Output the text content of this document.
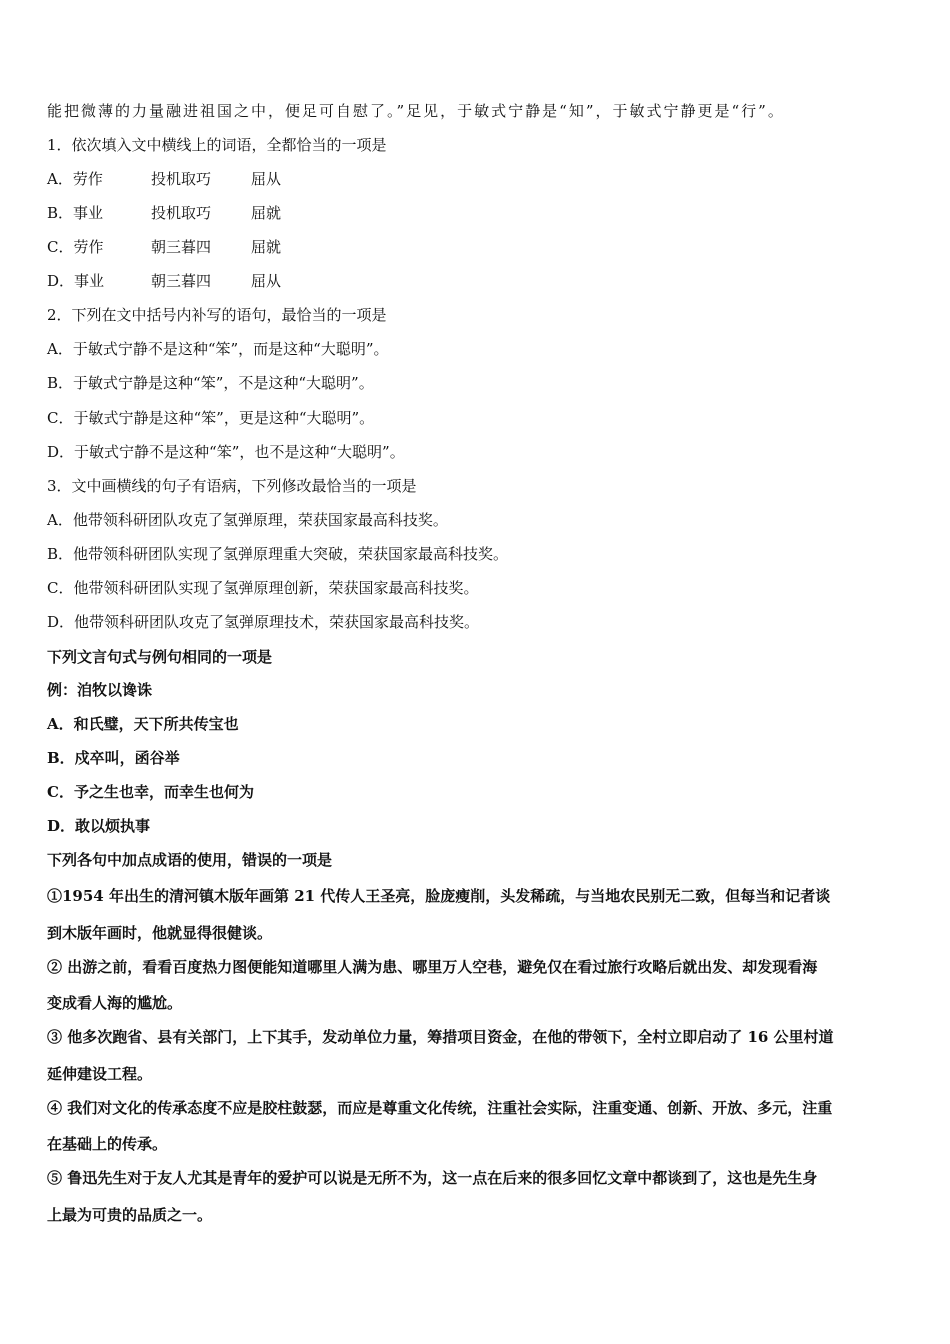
能把微薄的力量融进祖国之中，便足可自慰了。”足见，于敏式宁静是“知”，于敏式宁静更是“行”。
1．依次填入文中横线上的词语，全都恰当的一项是
A．劳作	投机取巧	屈从
B．事业	投机取巧	屈就
C．劳作	朝三暮四	屈就
D．事业	朝三暮四	屈从
2．下列在文中括号内补写的语句，最恰当的一项是
A．于敏式宁静不是这种“笨”，而是这种“大聪明”。
B．于敏式宁静是这种“笨”，不是这种“大聪明”。
C．于敏式宁静是这种“笨”，更是这种“大聪明”。
D．于敏式宁静不是这种“笨”，也不是这种“大聪明”。
3．文中画横线的句子有语病，下列修改最恰当的一项是
A．他带领科研团队攻克了氢弹原理，荣获国家最高科技奖。
B．他带领科研团队实现了氢弹原理重大突破，荣获国家最高科技奖。
C．他带领科研团队实现了氢弹原理创新，荣获国家最高科技奖。
D．他带领科研团队攻克了氢弹原理技术，荣获国家最高科技奖。
下列文言句式与例句相同的一项是
例：洎牧以谗诛
A．和氏璧，天下所共传宝也
B．戍卒叫，函谷举
C．予之生也幸，而幸生也何为
D．敢以烦执事
下列各句中加点成语的使用，错误的一项是
①1954 年出生的清河镇木版年画第 21 代传人王圣亮，脸庞瘦削，头发稀疏，与当地农民别无二致，但每当和记者谈
到木版年画时，他就显得很健谈。
② 出游之前，看看百度热力图便能知道哪里人满为患、哪里万人空巷，避免仅在看过旅行攻略后就出发、却发现看海
变成看人海的尴尬。
③ 他多次跑省、县有关部门，上下其手，发动单位力量，筹措项目资金，在他的带领下，全村立即启动了 16 公里村道
延伸建设工程。
④ 我们对文化的传承态度不应是胶柱鼓瑟，而应是尊重文化传统，注重社会实际，注重变通、创新、开放、多元，注重
在基础上的传承。
⑤ 鲁迅先生对于友人尤其是青年的爱护可以说是无所不为，这一点在后来的很多回忆文章中都谈到了，这也是先生身
上最为可贵的品质之一。
